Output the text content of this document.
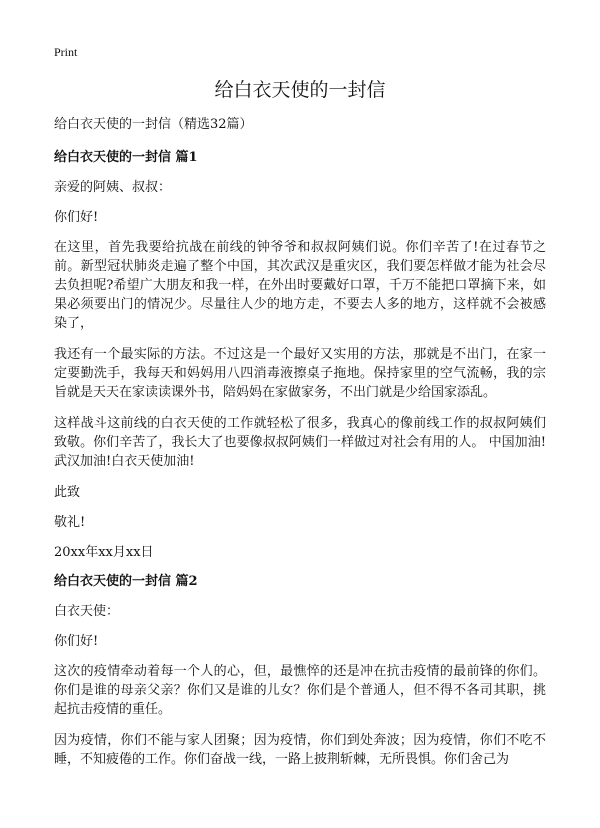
Print
给白衣天使的一封信

给白衣天使的一封信（精选32篇）

给白衣天使的一封信 篇1

亲爱的阿姨、叔叔：

你们好!

在这里，首先我要给抗战在前线的钟爷爷和叔叔阿姨们说。你们辛苦了!在过春节之前。新型冠状肺炎走遍了整个中国，其次武汉是重灾区，我们要怎样做才能为社会尽去负担呢?希望广大朋友和我一样，在外出时要戴好口罩，千万不能把口罩摘下来，如果必须要出门的情况少。尽量往人少的地方走，不要去人多的地方，这样就不会被感染了，

我还有一个最实际的方法。不过这是一个最好又实用的方法，那就是不出门，在家一定要勤洗手，我每天和妈妈用八四消毒液擦桌子拖地。保持家里的空气流畅，我的宗旨就是天天在家读读课外书，陪妈妈在家做家务，不出门就是少给国家添乱。

这样战斗这前线的白衣天使的工作就轻松了很多，我真心的像前线工作的叔叔阿姨们致敬。你们辛苦了，我长大了也要像叔叔阿姨们一样做过对社会有用的人。 中国加油!武汉加油!白衣天使加油!

此致

敬礼!

20xx年xx月xx日

给白衣天使的一封信 篇2

白衣天使：

你们好!

这次的疫情牵动着每一个人的心，但，最憔悴的还是冲在抗击疫情的最前锋的你们。你们是谁的母亲父亲？你们又是谁的儿女？你们是个普通人，但不得不各司其职，挑起抗击疫情的重任。

因为疫情，你们不能与家人团聚；因为疫情，你们到处奔波；因为疫情，你们不吃不睡，不知疲倦的工作。你们奋战一线，一路上披荆斩棘，无所畏惧。你们舍己为
